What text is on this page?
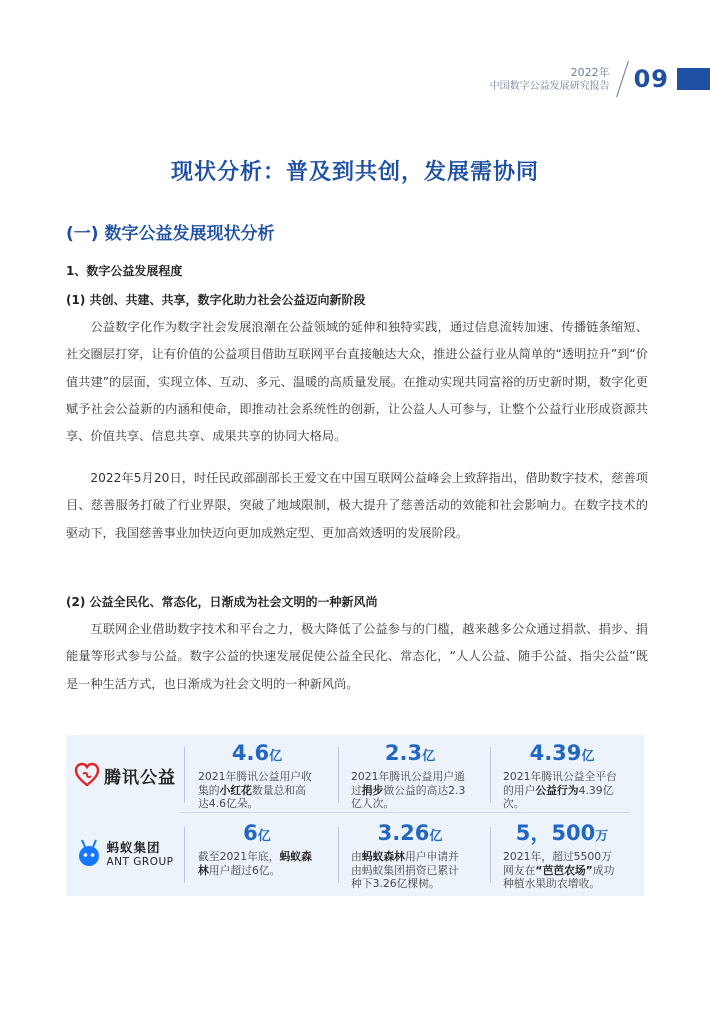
2022年
中国数字公益发展研究报告 09
现状分析：普及到共创，发展需协同
(一) 数字公益发展现状分析
1、数字公益发展程度
(1) 共创、共建、共享，数字化助力社会公益迈向新阶段

公益数字化作为数字社会发展浪潮在公益领域的延伸和独特实践，通过信息流转加速、传播链条缩短、社交圈层打穿，让有价值的公益项目借助互联网平台直接触达大众，推进公益行业从简单的“透明拉升”到“价值共建”的层面，实现立体、互动、多元、温暖的高质量发展。在推动实现共同富裕的历史新时期，数字化更赋予社会公益新的内涵和使命，即推动社会系统性的创新，让公益人人可参与，让整个公益行业形成资源共享、价值共享、信息共享、成果共享的协同大格局。

2022年5月20日，时任民政部副部长王爱文在中国互联网公益峰会上致辞指出，借助数字技术，慈善项目、慈善服务打破了行业界限，突破了地域限制，极大提升了慈善活动的效能和社会影响力。在数字技术的驱动下，我国慈善事业加快迈向更加成熟定型、更加高效透明的发展阶段。

(2) 公益全民化、常态化，日渐成为社会文明的一种新风尚

互联网企业借助数字技术和平台之力，极大降低了公益参与的门槛，越来越多公众通过捐款、捐步、捐能量等形式参与公益。数字公益的快速发展促使公益全民化、常态化，“人人公益、随手公益、指尖公益”既是一种生活方式，也日渐成为社会文明的一种新风尚。

腾讯公益
4.6亿
2021年腾讯公益用户收集的小红花数量总和高达4.6亿朵。
2.3亿
2021年腾讯公益用户通过捐步做公益的高达2.3亿人次。
4.39亿
2021年腾讯公益全平台的用户公益行为4.39亿次。
蚂蚁集团
ANT GROUP
6亿
截至2021年底，蚂蚁森林用户超过6亿。
3.26亿
由蚂蚁森林用户申请并由蚂蚁集团捐资已累计种下3.26亿棵树。
5，500万
2021年，超过5500万网友在“芭芭农场”成功种植水果助农增收。
